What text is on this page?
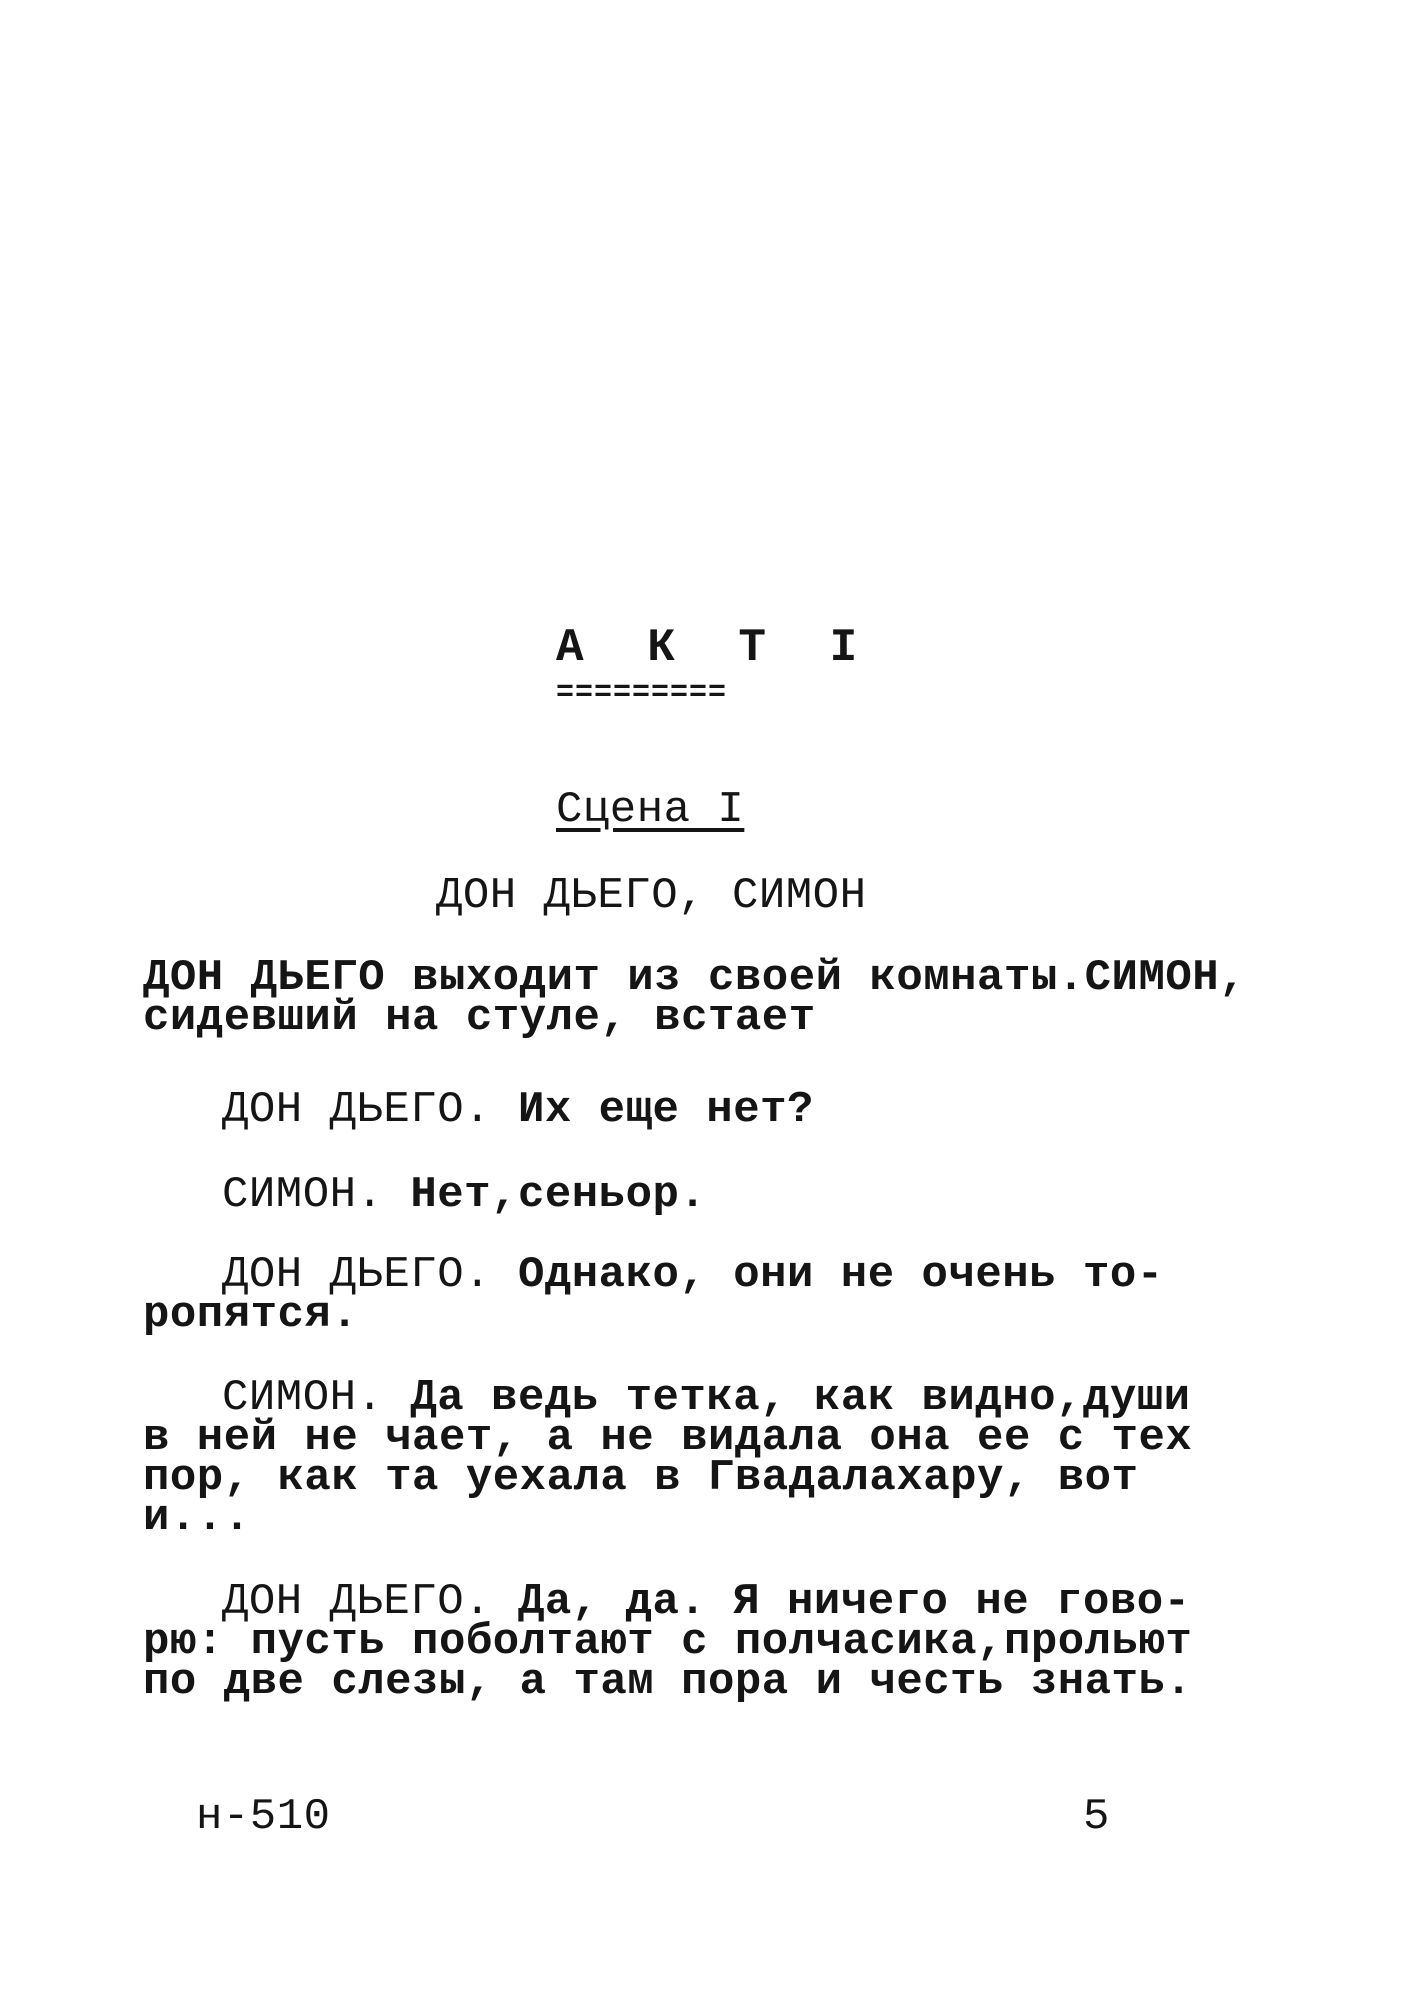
А К Т I

=========

Сцена I

ДОН ДЬЕГО, СИМОН

ДОН ДЬЕГО выходит из своей комнаты.СИМОН,
сидевший на стуле, встает
ДОН ДЬЕГО. Их еще нет?
СИМОН. Нет,сеньор.
ДОН ДЬЕГО. Однако, они не очень то-
ропятся.
СИМОН. Да ведь тетка, как видно,души
в ней не чает, а не видала она ее с тех
пор, как та уехала в Гвадалахару, вот
и...
ДОН ДЬЕГО. Да, да. Я ничего не гово-
рю: пусть поболтают с полчасика,прольют
по две слезы, а там пора и честь знать.

н-510	5
